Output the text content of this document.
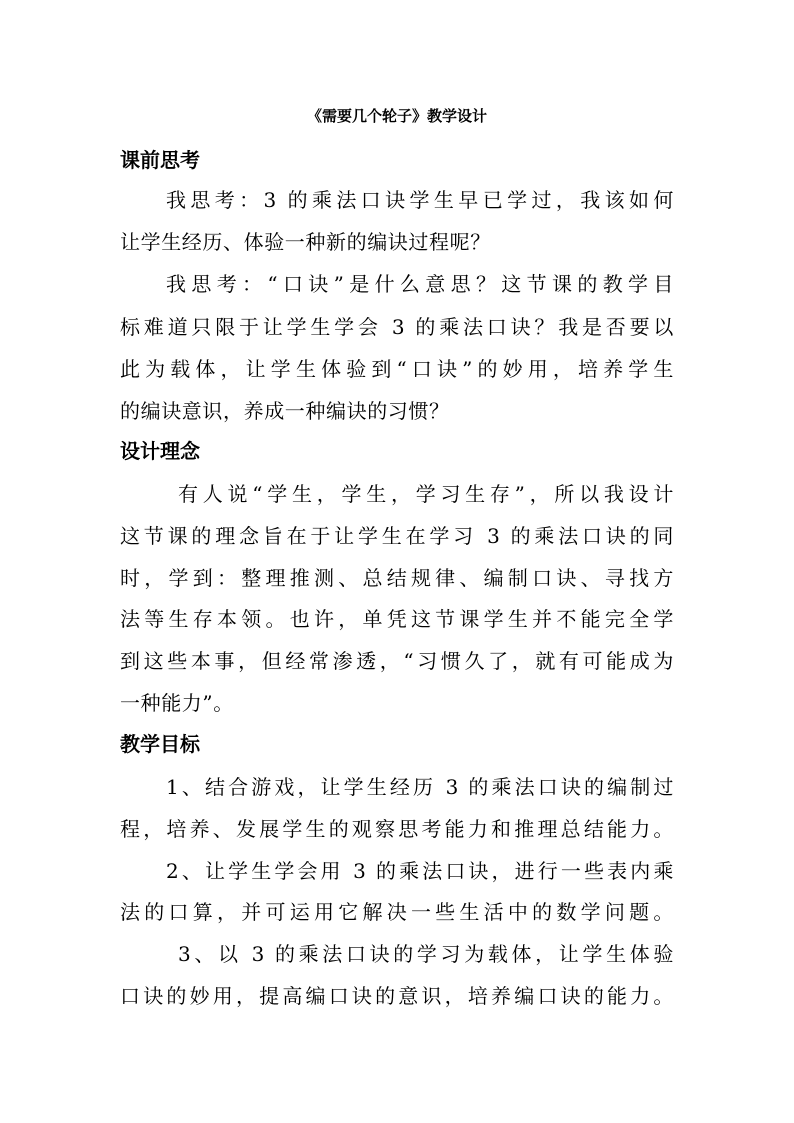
《需要几个轮子》教学设计
课前思考
我思考：3 的乘法口诀学生早已学过，我该如何
让学生经历、体验一种新的编诀过程呢？
我思考：“口诀”是什么意思？这节课的教学目
标难道只限于让学生学会 3 的乘法口诀？我是否要以
此为载体，让学生体验到“口诀”的妙用，培养学生
的编诀意识，养成一种编诀的习惯？
设计理念
有人说“学生，学生，学习生存”，所以我设计
这节课的理念旨在于让学生在学习 3 的乘法口诀的同
时，学到：整理推测、总结规律、编制口诀、寻找方
法等生存本领。也许，单凭这节课学生并不能完全学
到这些本事，但经常渗透，“习惯久了，就有可能成为
一种能力”。
教学目标
1、结合游戏，让学生经历 3 的乘法口诀的编制过
程，培养、发展学生的观察思考能力和推理总结能力。
2、让学生学会用 3 的乘法口诀，进行一些表内乘
法的口算，并可运用它解决一些生活中的数学问题。
3、以 3 的乘法口诀的学习为载体，让学生体验
口诀的妙用，提高编口诀的意识，培养编口诀的能力。
